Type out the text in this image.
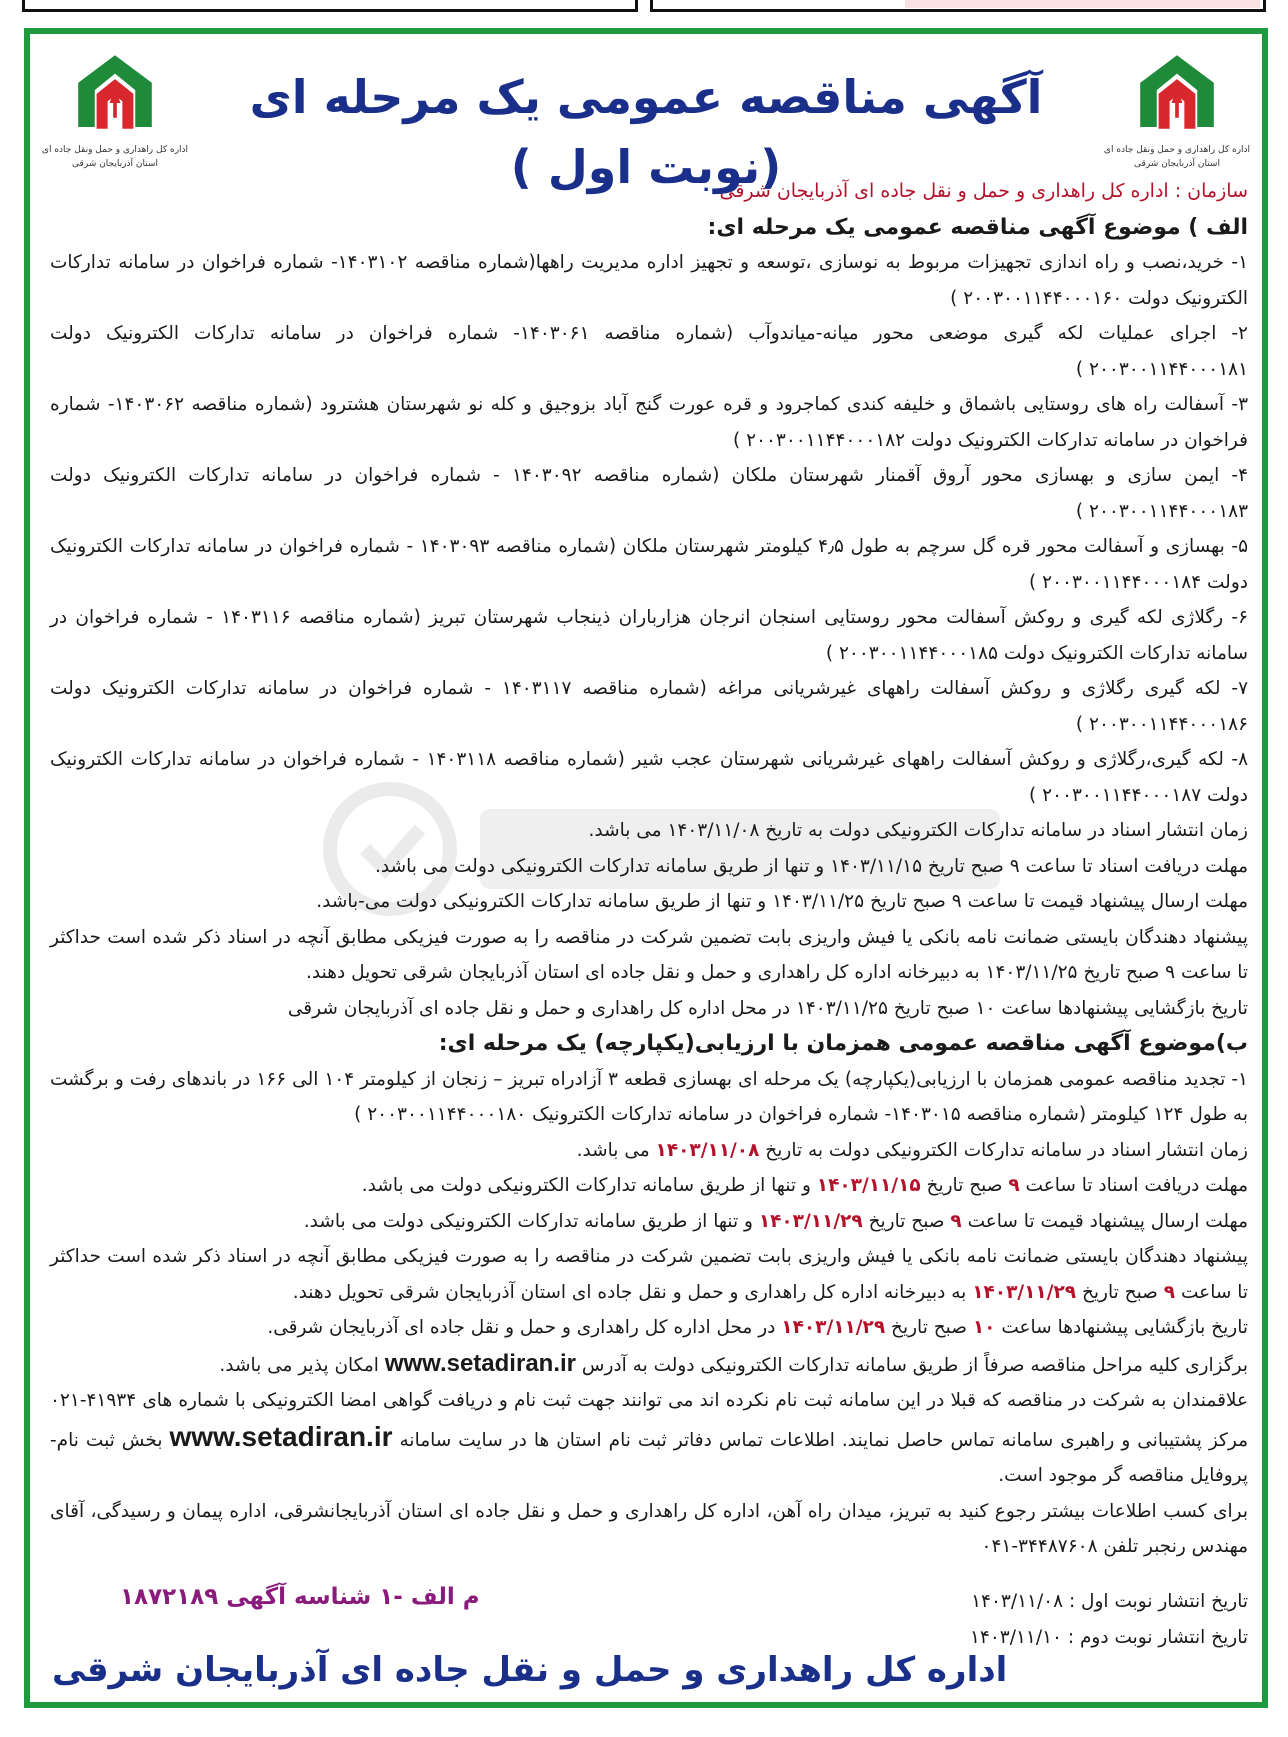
اداره کل راهداری و حمل ونقل جاده ای
استان آذربایجان شرقی
اداره کل راهداری و حمل ونقل جاده ای
استان آذربایجان شرقی
آگهی مناقصه عمومی یک مرحله ای (نوبت اول )

سازمان : اداره کل راهداری و حمل و نقل جاده ای آذربایجان شرقی

الف ) موضوع آگهی مناقصه عمومی یک مرحله ای:

۱- خرید،نصب و راه اندازی تجهیزات مربوط به نوسازی ،توسعه و تجهیز اداره مدیریت راهها(شماره مناقصه ۱۴۰۳۱۰۲- شماره فراخوان در سامانه تدارکات الکترونیک دولت ۲۰۰۳۰۰۱۱۴۴۰۰۰۱۶۰ )

۲- اجرای عملیات لکه گیری موضعی محور میانه-میاندوآب (شماره مناقصه ۱۴۰۳۰۶۱- شماره فراخوان در سامانه تدارکات الکترونیک دولت ۲۰۰۳۰۰۱۱۴۴۰۰۰۱۸۱ )

۳- آسفالت راه های روستایی باشماق و خلیفه کندی کماجرود و قره عورت گنج آباد بزوجیق و کله نو شهرستان هشترود (شماره مناقصه ۱۴۰۳۰۶۲- شماره فراخوان در سامانه تدارکات الکترونیک دولت ۲۰۰۳۰۰۱۱۴۴۰۰۰۱۸۲ )

۴- ایمن سازی و بهسازی محور آروق آقمنار شهرستان ملکان (شماره مناقصه ۱۴۰۳۰۹۲ - شماره فراخوان در سامانه تدارکات الکترونیک دولت ۲۰۰۳۰۰۱۱۴۴۰۰۰۱۸۳ )

۵- بهسازی و آسفالت محور قره گل سرچم به طول ۴٫۵ کیلومتر شهرستان ملکان (شماره مناقصه ۱۴۰۳۰۹۳ - شماره فراخوان در سامانه تدارکات الکترونیک دولت ۲۰۰۳۰۰۱۱۴۴۰۰۰۱۸۴ )

۶- رگلاژی لکه گیری و روکش آسفالت محور روستایی اسنجان انرجان هزارباران ذینجاب شهرستان تبریز (شماره مناقصه ۱۴۰۳۱۱۶ - شماره فراخوان در سامانه تدارکات الکترونیک دولت ۲۰۰۳۰۰۱۱۴۴۰۰۰۱۸۵ )

۷- لکه گیری رگلاژی و روکش آسفالت راههای غیرشریانی مراغه (شماره مناقصه ۱۴۰۳۱۱۷ - شماره فراخوان در سامانه تدارکات الکترونیک دولت ۲۰۰۳۰۰۱۱۴۴۰۰۰۱۸۶ )

۸- لکه گیری،رگلاژی و روکش آسفالت راههای غیرشریانی شهرستان عجب شیر (شماره مناقصه ۱۴۰۳۱۱۸ - شماره فراخوان در سامانه تدارکات الکترونیک دولت ۲۰۰۳۰۰۱۱۴۴۰۰۰۱۸۷ )

زمان انتشار اسناد در سامانه تدارکات الکترونیکی دولت به تاریخ ۱۴۰۳/۱۱/۰۸ می باشد.

مهلت دریافت اسناد تا ساعت ۹ صبح تاریخ ۱۴۰۳/۱۱/۱۵ و تنها از طریق سامانه تدارکات الکترونیکی دولت می باشد.

مهلت ارسال پیشنهاد قیمت تا ساعت ۹ صبح تاریخ ۱۴۰۳/۱۱/۲۵ و تنها از طریق سامانه تدارکات الکترونیکی دولت می-باشد.

پیشنهاد دهندگان بایستی ضمانت نامه بانکی یا فیش واریزی بابت تضمین شرکت در مناقصه را به صورت فیزیکی مطابق آنچه در اسناد ذکر شده است حداکثر تا ساعت ۹ صبح تاریخ ۱۴۰۳/۱۱/۲۵ به دبیرخانه اداره کل راهداری و حمل و نقل جاده ای استان آذربایجان شرقی تحویل دهند.

تاریخ بازگشایی پیشنهادها ساعت ۱۰ صبح تاریخ ۱۴۰۳/۱۱/۲۵ در محل اداره کل راهداری و حمل و نقل جاده ای آذربایجان شرقی

ب)موضوع آگهی مناقصه عمومی همزمان با ارزیابی(یکپارچه) یک مرحله ای:

۱- تجدید مناقصه عمومی همزمان با ارزیابی(یکپارچه) یک مرحله ای بهسازی قطعه ۳ آزادراه تبریز – زنجان از کیلومتر ۱۰۴ الی ۱۶۶ در باندهای رفت و برگشت به طول ۱۲۴ کیلومتر (شماره مناقصه ۱۴۰۳۰۱۵- شماره فراخوان در سامانه تدارکات الکترونیک ۲۰۰۳۰۰۱۱۴۴۰۰۰۱۸۰ )

زمان انتشار اسناد در سامانه تدارکات الکترونیکی دولت به تاریخ ۱۴۰۳/۱۱/۰۸ می باشد.

مهلت دریافت اسناد تا ساعت ۹ صبح تاریخ ۱۴۰۳/۱۱/۱۵ و تنها از طریق سامانه تدارکات الکترونیکی دولت می باشد.

مهلت ارسال پیشنهاد قیمت تا ساعت ۹ صبح تاریخ ۱۴۰۳/۱۱/۲۹ و تنها از طریق سامانه تدارکات الکترونیکی دولت می باشد.

پیشنهاد دهندگان بایستی ضمانت نامه بانکی یا فیش واریزی بابت تضمین شرکت در مناقصه را به صورت فیزیکی مطابق آنچه در اسناد ذکر شده است حداکثر تا ساعت ۹ صبح تاریخ ۱۴۰۳/۱۱/۲۹ به دبیرخانه اداره کل راهداری و حمل و نقل جاده ای استان آذربایجان شرقی تحویل دهند.

تاریخ بازگشایی پیشنهادها ساعت ۱۰ صبح تاریخ ۱۴۰۳/۱۱/۲۹ در محل اداره کل راهداری و حمل و نقل جاده ای آذربایجان شرقی.

برگزاری کلیه مراحل مناقصه صرفاً از طریق سامانه تدارکات الکترونیکی دولت به آدرس www.setadiran.ir امکان پذیر می باشد.

علاقمندان به شرکت در مناقصه که قبلا در این سامانه ثبت نام نکرده اند می توانند جهت ثبت نام و دریافت گواهی امضا الکترونیکی با شماره های ۴۱۹۳۴-۰۲۱ مرکز پشتیبانی و راهبری سامانه تماس حاصل نمایند. اطلاعات تماس دفاتر ثبت نام استان ها در سایت سامانه www.setadiran.ir بخش ثبت نام-پروفایل مناقصه گر موجود است.

برای کسب اطلاعات بیشتر رجوع کنید به تبریز، میدان راه آهن، اداره کل راهداری و حمل و نقل جاده ای استان آذربایجانشرقی، اداره پیمان و رسیدگی، آقای مهندس رنجبر تلفن ۳۴۴۸۷۶۰۸-۰۴۱

تاریخ انتشار نوبت اول : ۱۴۰۳/۱۱/۰۸

تاریخ انتشار نوبت دوم : ۱۴۰۳/۱۱/۱۰

م الف -۱ شناسه آگهی ۱۸۷۲۱۸۹
اداره کل راهداری و حمل و نقل جاده ای آذربایجان شرقی
